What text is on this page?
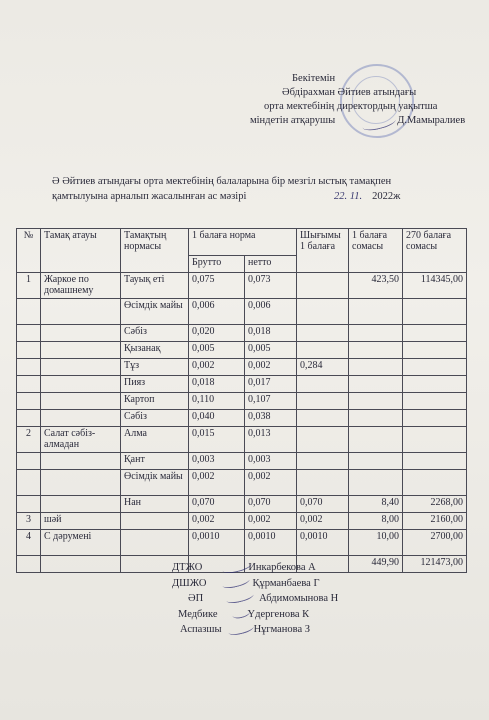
Бекітемін
Әбдірахман Әйтиев атындағы
орта мектебінің директордың уақытша
міндетін атқарушы	Д.Мамыралиев
Ә Әйтиев атындағы орта мектебінің балаларына бір мезгіл ыстық тамақпен
қамтылуына арналып жасалынған ас мәзірі	22. 11. 2022ж
№	Тамақ атауы	Тамақтың нормасы	1 балаға норма		Шығымы 1 балаға	1 балаға сомасы	270 балаға сомасы
			Брутто	нетто			
1	Жаркое по домашнему	Тауық еті	0,075	0,073		423,50	114345,00
		Өсімдік майы	0,006	0,006			
		Сәбіз	0,020	0,018			
		Қызанақ	0,005	0,005			
		Тұз	0,002	0,002	0,284		
		Пияз	0,018	0,017			
		Картоп	0,110	0,107			
		Сәбіз	0,040	0,038			
2	Салат сәбіз-алмадан	Алма	0,015	0,013			
		Қант	0,003	0,003			
		Өсімдік майы	0,002	0,002			
		Нан	0,070	0,070	0,070	8,40	2268,00
3	шәй		0,002	0,002	0,002	8,00	2160,00
4	С дәрумені		0,0010	0,0010	0,0010	10,00	2700,00
						449,90	121473,00
ДТЖО	Инкарбекова А
ДШЖО	Құрманбаева Г
ӘП	Абдимомынова Н
Медбике	Үдергенова К
Аспазшы	Нұгманова З
